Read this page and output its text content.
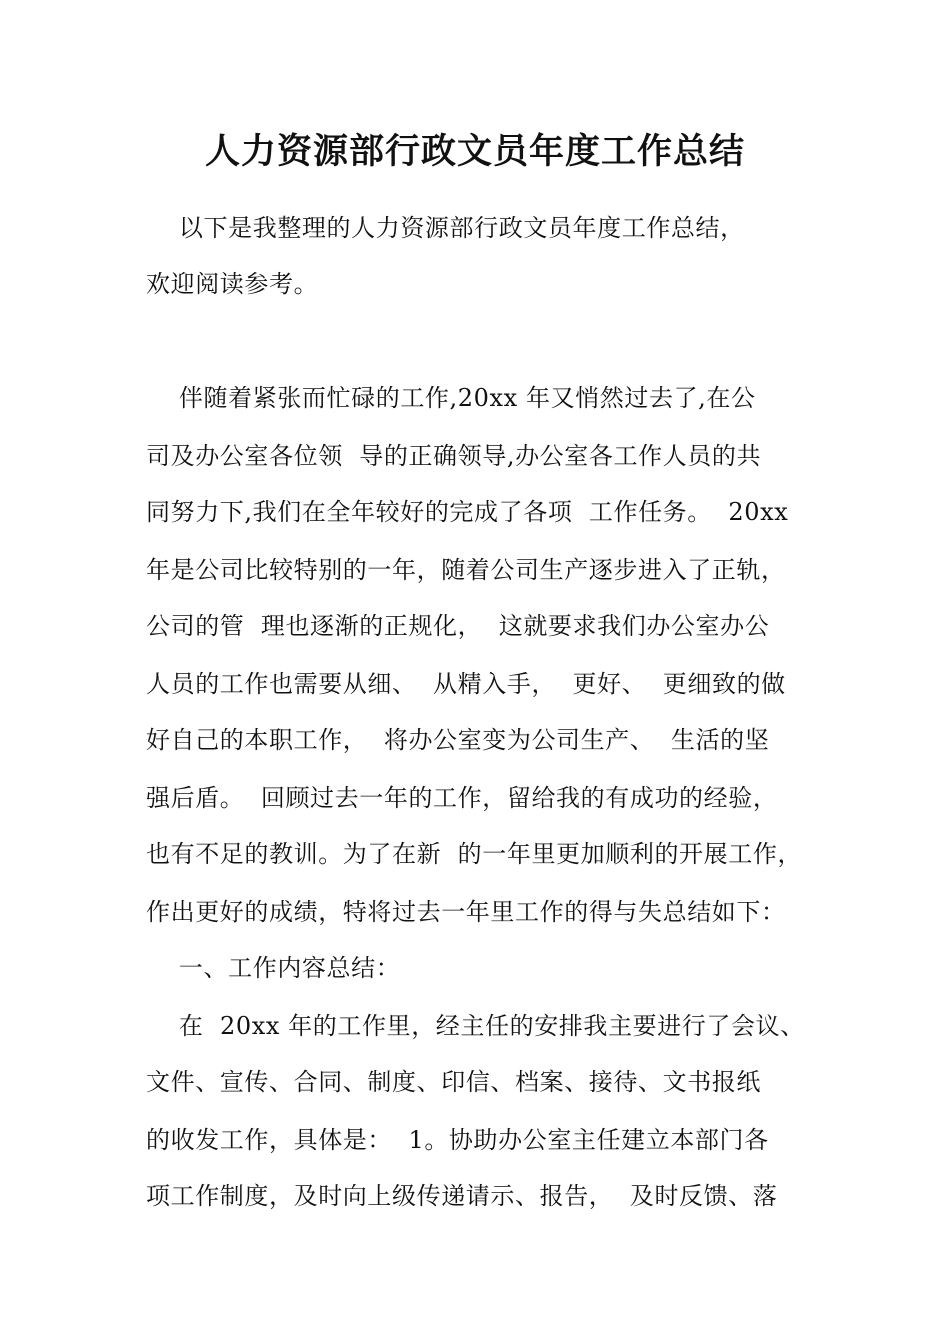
人力资源部行政文员年度工作总结
以下是我整理的人力资源部行政文员年度工作总结，
欢迎阅读参考。
伴随着紧张而忙碌的工作,20xx 年又悄然过去了,在公
司及办公室各位领  导的正确领导,办公室各工作人员的共
同努力下,我们在全年较好的完成了各项  工作任务。  20xx
年是公司比较特别的一年，随着公司生产逐步进入了正轨，
公司的管  理也逐渐的正规化，  这就要求我们办公室办公
人员的工作也需要从细、  从精入手，  更好、  更细致的做
好自己的本职工作，  将办公室变为公司生产、  生活的坚
强后盾。  回顾过去一年的工作，留给我的有成功的经验，
也有不足的教训。为了在新  的一年里更加顺利的开展工作，
作出更好的成绩，特将过去一年里工作的得与失总结如下：
一、工作内容总结：
在  20xx 年的工作里，经主任的安排我主要进行了会议、
文件、宣传、合同、制度、印信、档案、接待、文书报纸
的收发工作，具体是：  1。协助办公室主任建立本部门各
项工作制度，及时向上级传递请示、报告，  及时反馈、落
